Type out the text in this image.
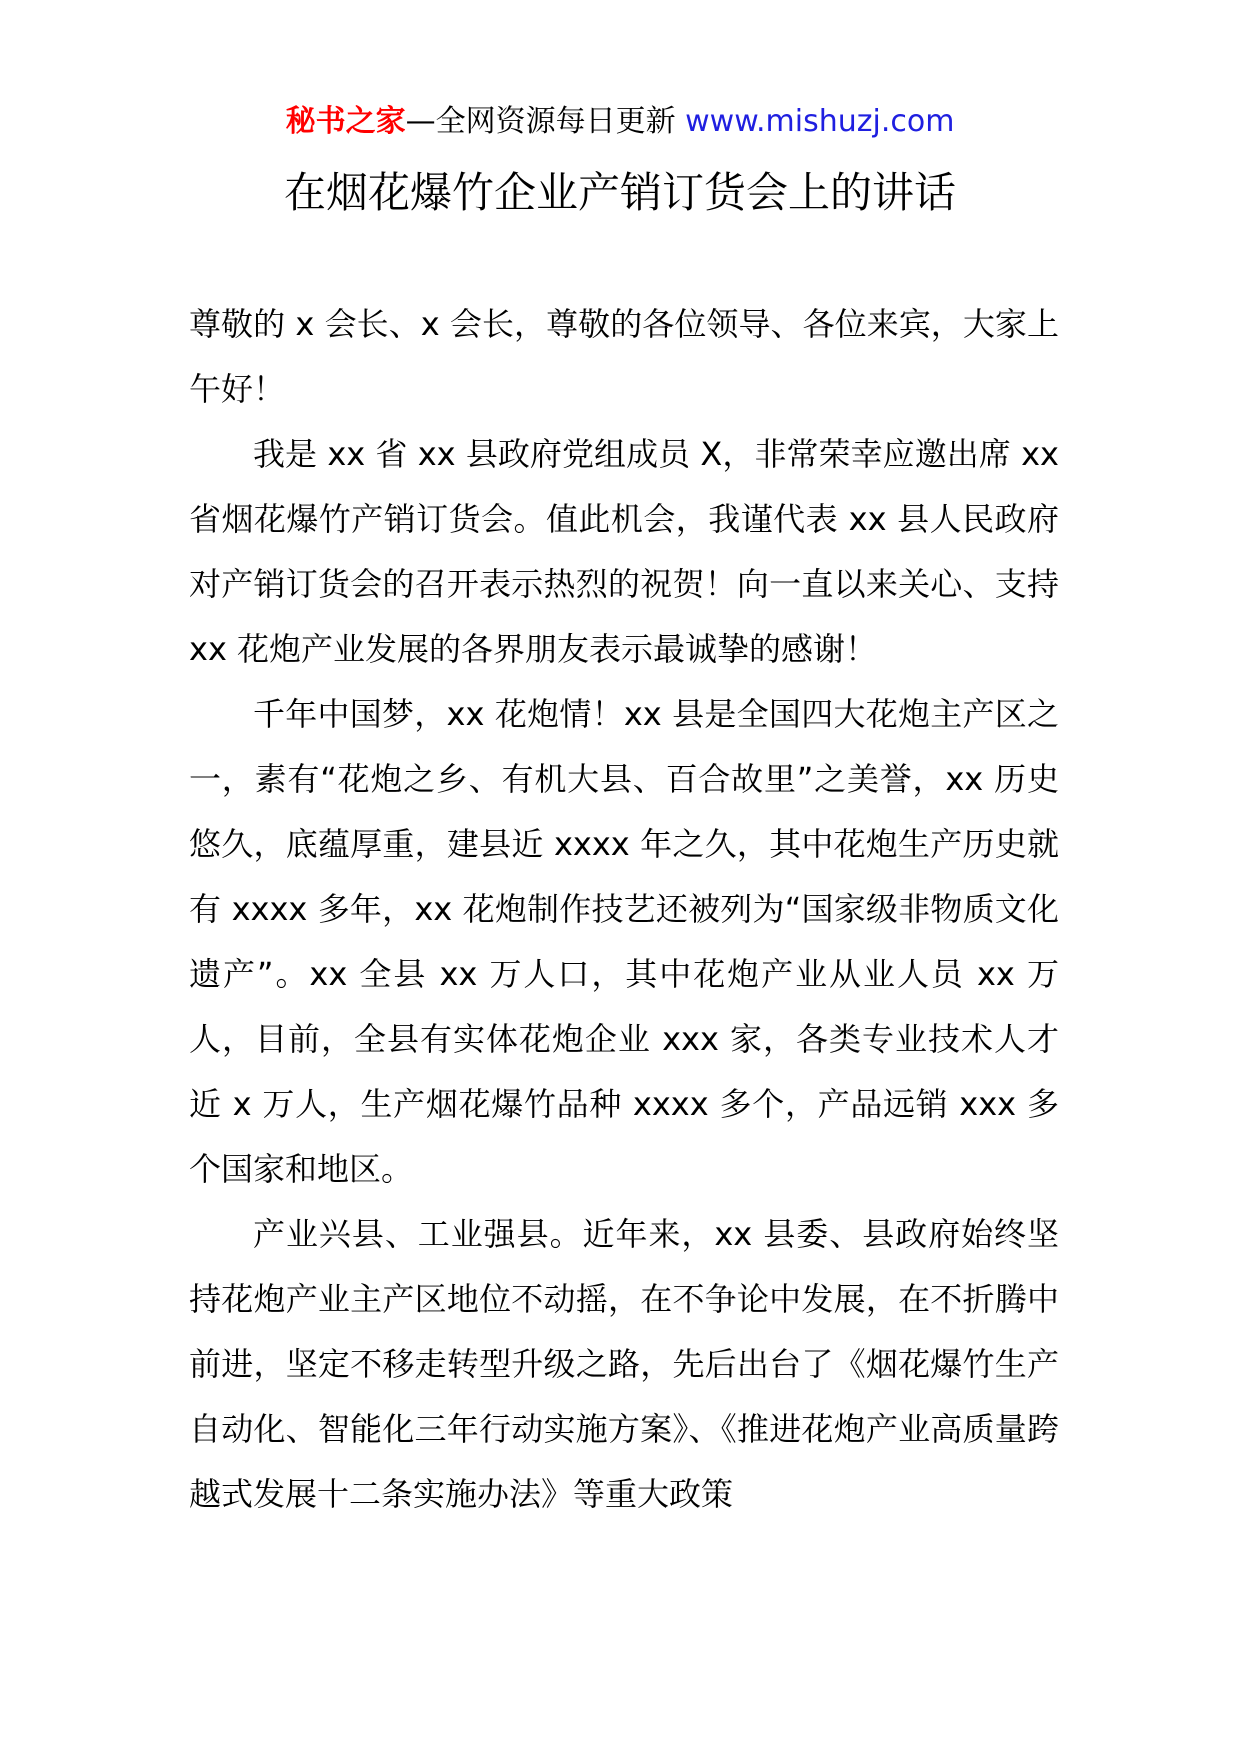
秘书之家—全网资源每日更新 www.mishuzj.com
在烟花爆竹企业产销订货会上的讲话

尊敬的 x 会长、x 会长，尊敬的各位领导、各位来宾，大家上午好！

我是 xx 省 xx 县政府党组成员 X，非常荣幸应邀出席 xx 省烟花爆竹产销订货会。值此机会，我谨代表 xx 县人民政府对产销订货会的召开表示热烈的祝贺！向一直以来关心、支持 xx 花炮产业发展的各界朋友表示最诚挚的感谢！

千年中国梦，xx 花炮情！xx 县是全国四大花炮主产区之一，素有“花炮之乡、有机大县、百合故里”之美誉，xx 历史悠久，底蕴厚重，建县近 xxxx 年之久，其中花炮生产历史就有 xxxx 多年，xx 花炮制作技艺还被列为“国家级非物质文化遗产”。xx 全县 xx 万人口，其中花炮产业从业人员 xx 万人，目前，全县有实体花炮企业 xxx 家，各类专业技术人才近 x 万人，生产烟花爆竹品种 xxxx 多个，产品远销 xxx 多个国家和地区。

产业兴县、工业强县。近年来，xx 县委、县政府始终坚持花炮产业主产区地位不动摇，在不争论中发展，在不折腾中前进，坚定不移走转型升级之路，先后出台了《烟花爆竹生产自动化、智能化三年行动实施方案》、《推进花炮产业高质量跨越式发展十二条实施办法》等重大政策
